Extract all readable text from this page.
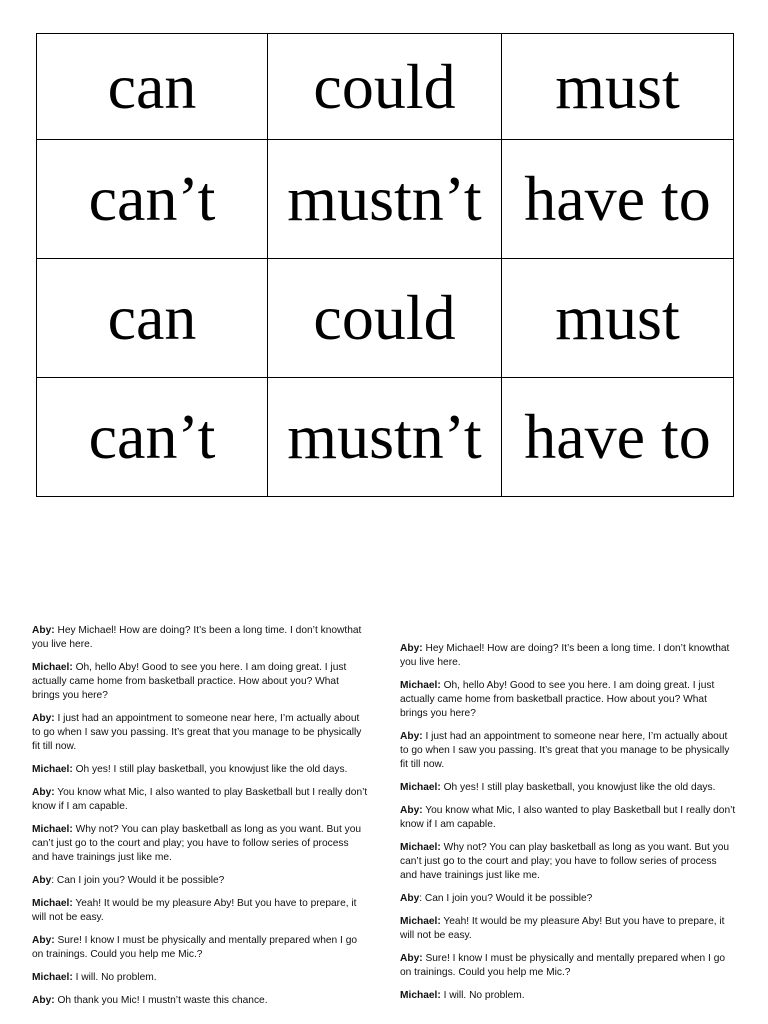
can	could	must
can’t	mustn’t	have to
can	could	must
can’t	mustn’t	have to

Aby: Hey Michael! How are doing? It’s been a long time. I don’t knowthat you live here.

Michael: Oh, hello Aby! Good to see you here. I am doing great. I just actually came home from basketball practice. How about you? What brings you here?

Aby: I just had an appointment to someone near here, I’m actually about to go when I saw you passing. It’s great that you manage to be physically fit till now.

Michael: Oh yes! I still play basketball, you knowjust like the old days.

Aby: You know what Mic, I also wanted to play Basketball but I really don’t know if I am capable.

Michael: Why not? You can play basketball as long as you want. But you can’t just go to the court and play; you have to follow series of process and have trainings just like me.

Aby: Can I join you? Would it be possible?

Michael: Yeah! It would be my pleasure Aby! But you have to prepare, it will not be easy.

Aby: Sure! I know I must be physically and mentally prepared when I go on trainings. Could you help me Mic.?

Michael: I will. No problem.

Aby: Oh thank you Mic! I mustn’t waste this chance.

Aby: Hey Michael! How are doing? It’s been a long time. I don’t knowthat you live here.

Michael: Oh, hello Aby! Good to see you here. I am doing great. I just actually came home from basketball practice. How about you? What brings you here?

Aby: I just had an appointment to someone near here, I’m actually about to go when I saw you passing. It’s great that you manage to be physically fit till now.

Michael: Oh yes! I still play basketball, you knowjust like the old days.

Aby: You know what Mic, I also wanted to play Basketball but I really don’t know if I am capable.

Michael: Why not? You can play basketball as long as you want. But you can’t just go to the court and play; you have to follow series of process and have trainings just like me.

Aby: Can I join you? Would it be possible?

Michael: Yeah! It would be my pleasure Aby! But you have to prepare, it will not be easy.

Aby: Sure! I know I must be physically and mentally prepared when I go on trainings. Could you help me Mic.?

Michael: I will. No problem.
